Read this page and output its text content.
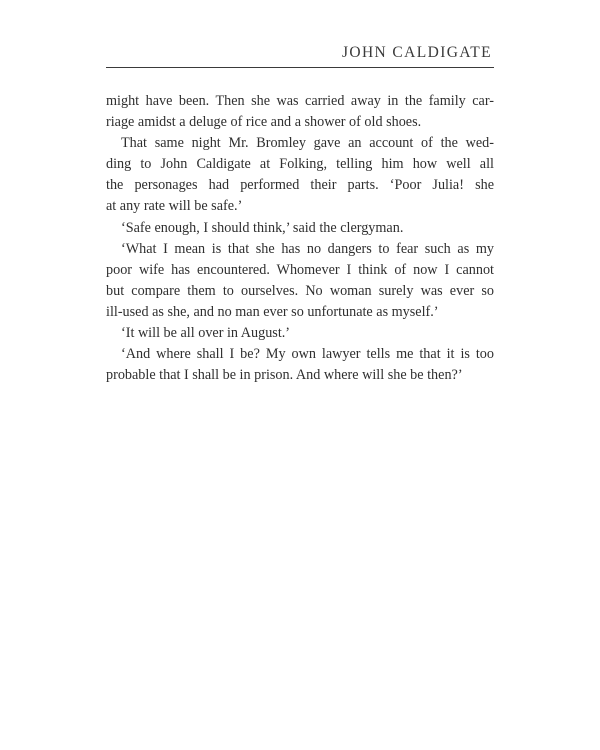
JOHN CALDIGATE
might have been. Then she was carried away in the family car-
riage amidst a deluge of rice and a shower of old shoes.
That same night Mr. Bromley gave an account of the wed-
ding to John Caldigate at Folking, telling him how well all
the personages had performed their parts. ‘Poor Julia! she
at any rate will be safe.’
‘Safe enough, I should think,’ said the clergyman.
‘What I mean is that she has no dangers to fear such as my
poor wife has encountered. Whomever I think of now I cannot
but compare them to ourselves. No woman surely was ever so
ill-used as she, and no man ever so unfortunate as myself.’
‘It will be all over in August.’
‘And where shall I be? My own lawyer tells me that it is too
probable that I shall be in prison. And where will she be then?’
